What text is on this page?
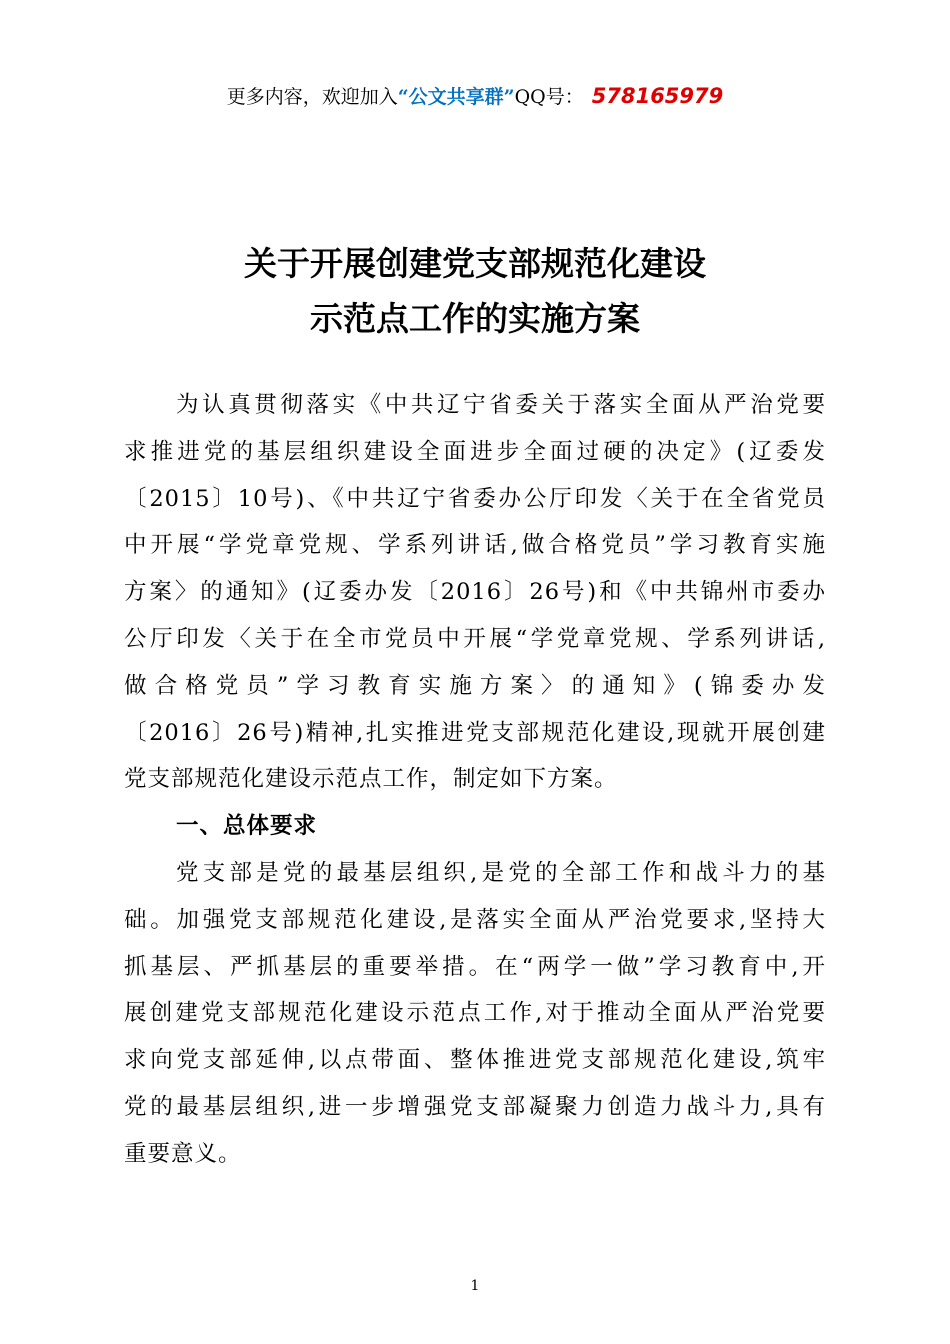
更多内容，欢迎加入“公文共享群”QQ号： 578165979
关于开展创建党支部规范化建设
示范点工作的实施方案
为认真贯彻落实《中共辽宁省委关于落实全面从严治党要
求推进党的基层组织建设全面进步全面过硬的决定》(辽委发
〔2015〕10号)、《中共辽宁省委办公厅印发〈关于在全省党员
中开展“学党章党规、学系列讲话,做合格党员”学习教育实施
方案〉的通知》(辽委办发〔2016〕26号)和《中共锦州市委办
公厅印发〈关于在全市党员中开展“学党章党规、学系列讲话,
做合格党员”学习教育实施方案〉的通知》(锦委办发
〔2016〕26号)精神,扎实推进党支部规范化建设,现就开展创建
党支部规范化建设示范点工作，制定如下方案。
一、总体要求
党支部是党的最基层组织,是党的全部工作和战斗力的基
础。加强党支部规范化建设,是落实全面从严治党要求,坚持大
抓基层、严抓基层的重要举措。在“两学一做”学习教育中,开
展创建党支部规范化建设示范点工作,对于推动全面从严治党要
求向党支部延伸,以点带面、整体推进党支部规范化建设,筑牢
党的最基层组织,进一步增强党支部凝聚力创造力战斗力,具有
重要意义。
1
